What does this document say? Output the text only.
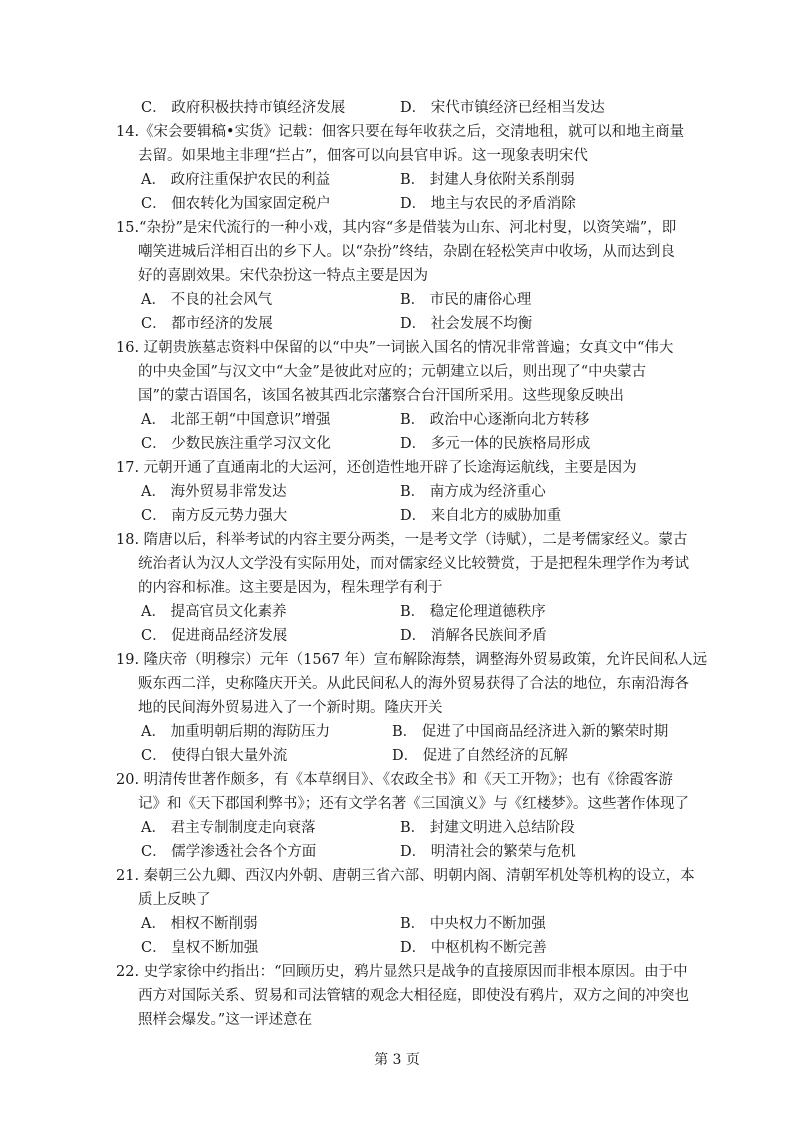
C． 政府积极扶持市镇经济发展	D． 宋代市镇经济已经相当发达
14.《宋会要辑稿•实货》记载：佃客只要在每年收获之后，交清地租，就可以和地主商量
去留。如果地主非理“拦占”，佃客可以向县官申诉。这一现象表明宋代
A． 政府注重保护农民的利益	B． 封建人身依附关系削弱
C． 佃农转化为国家固定税户	D． 地主与农民的矛盾消除
15.“杂扮”是宋代流行的一种小戏，其内容“多是借装为山东、河北村叟，以资笑端”，即
嘲笑进城后洋相百出的乡下人。以“杂扮”终结，杂剧在轻松笑声中收场，从而达到良
好的喜剧效果。宋代杂扮这一特点主要是因为
A． 不良的社会风气	B． 市民的庸俗心理
C． 都市经济的发展	D． 社会发展不均衡
16. 辽朝贵族墓志资料中保留的以“中央”一词嵌入国名的情况非常普遍；女真文中“伟大
的中央金国”与汉文中“大金”是彼此对应的；元朝建立以后，则出现了“中央蒙古
国”的蒙古语国名，该国名被其西北宗藩察合台汗国所采用。这些现象反映出
A． 北部王朝“中国意识”增强	B． 政治中心逐渐向北方转移
C． 少数民族注重学习汉文化	D． 多元一体的民族格局形成
17. 元朝开通了直通南北的大运河，还创造性地开辟了长途海运航线，主要是因为
A． 海外贸易非常发达	B． 南方成为经济重心
C． 南方反元势力强大	D． 来自北方的威胁加重
18. 隋唐以后，科举考试的内容主要分两类，一是考文学（诗赋），二是考儒家经义。蒙古
统治者认为汉人文学没有实际用处，而对儒家经义比较赞赏，于是把程朱理学作为考试
的内容和标准。这主要是因为，程朱理学有利于
A． 提高官员文化素养	B． 稳定伦理道德秩序
C． 促进商品经济发展	D． 消解各民族间矛盾
19. 隆庆帝（明穆宗）元年（1567 年）宣布解除海禁，调整海外贸易政策，允许民间私人远
贩东西二洋，史称隆庆开关。从此民间私人的海外贸易获得了合法的地位，东南沿海各
地的民间海外贸易进入了一个新时期。隆庆开关
A． 加重明朝后期的海防压力	B． 促进了中国商品经济进入新的繁荣时期
C． 使得白银大量外流	D． 促进了自然经济的瓦解
20. 明清传世著作颇多，有《本草纲目》、《农政全书》和《天工开物》；也有《徐霞客游
记》和《天下郡国利弊书》；还有文学名著《三国演义》与《红楼梦》。这些著作体现了
A． 君主专制制度走向衰落	B． 封建文明进入总结阶段
C． 儒学渗透社会各个方面	D． 明清社会的繁荣与危机
21. 秦朝三公九卿、西汉内外朝、唐朝三省六部、明朝内阁、清朝军机处等机构的设立，本
质上反映了
A． 相权不断削弱	B． 中央权力不断加强
C． 皇权不断加强	D． 中枢机构不断完善
22. 史学家徐中约指出：“回顾历史，鸦片显然只是战争的直接原因而非根本原因。由于中
西方对国际关系、贸易和司法管辖的观念大相径庭，即使没有鸦片，双方之间的冲突也
照样会爆发。”这一评述意在
第 3 页
